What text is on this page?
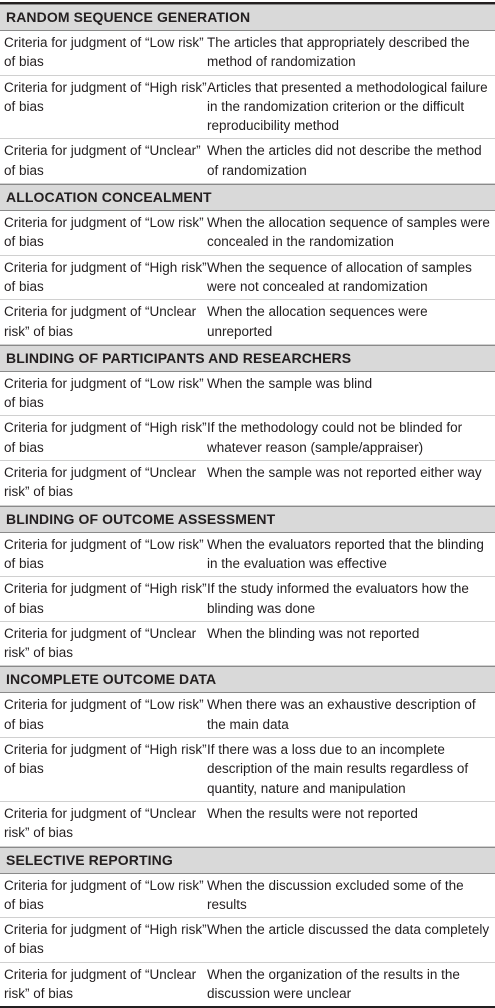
RANDOM SEQUENCE GENERATION
Criteria for judgment of “Low risk” of bias
The articles that appropriately described the method of randomization
Criteria for judgment of “High risk” of bias
Articles that presented a methodological failure in the randomization criterion or the difficult reproducibility method
Criteria for judgment of “Unclear” of bias
When the articles did not describe the method of randomization
ALLOCATION CONCEALMENT
Criteria for judgment of “Low risk” of bias
When the allocation sequence of samples were concealed in the randomization
Criteria for judgment of “High risk” of bias
When the sequence of allocation of samples were not concealed at randomization
Criteria for judgment of “Unclear risk” of bias
When the allocation sequences were unreported
BLINDING OF PARTICIPANTS AND RESEARCHERS
Criteria for judgment of “Low risk” of bias
When the sample was blind
Criteria for judgment of “High risk” of bias
If the methodology could not be blinded for whatever reason (sample/appraiser)
Criteria for judgment of “Unclear risk” of bias
When the sample was not reported either way
BLINDING OF OUTCOME ASSESSMENT
Criteria for judgment of “Low risk” of bias
When the evaluators reported that the blinding in the evaluation was effective
Criteria for judgment of “High risk” of bias
If the study informed the evaluators how the blinding was done
Criteria for judgment of “Unclear risk” of bias
When the blinding was not reported
INCOMPLETE OUTCOME DATA
Criteria for judgment of “Low risk” of bias
When there was an exhaustive description of the main data
Criteria for judgment of “High risk” of bias
If there was a loss due to an incomplete description of the main results regardless of quantity, nature and manipulation
Criteria for judgment of “Unclear risk” of bias
When the results were not reported
SELECTIVE REPORTING
Criteria for judgment of “Low risk” of bias
When the discussion excluded some of the results
Criteria for judgment of “High risk” of bias
When the article discussed the data completely
Criteria for judgment of “Unclear risk” of bias
When the organization of the results in the discussion were unclear
